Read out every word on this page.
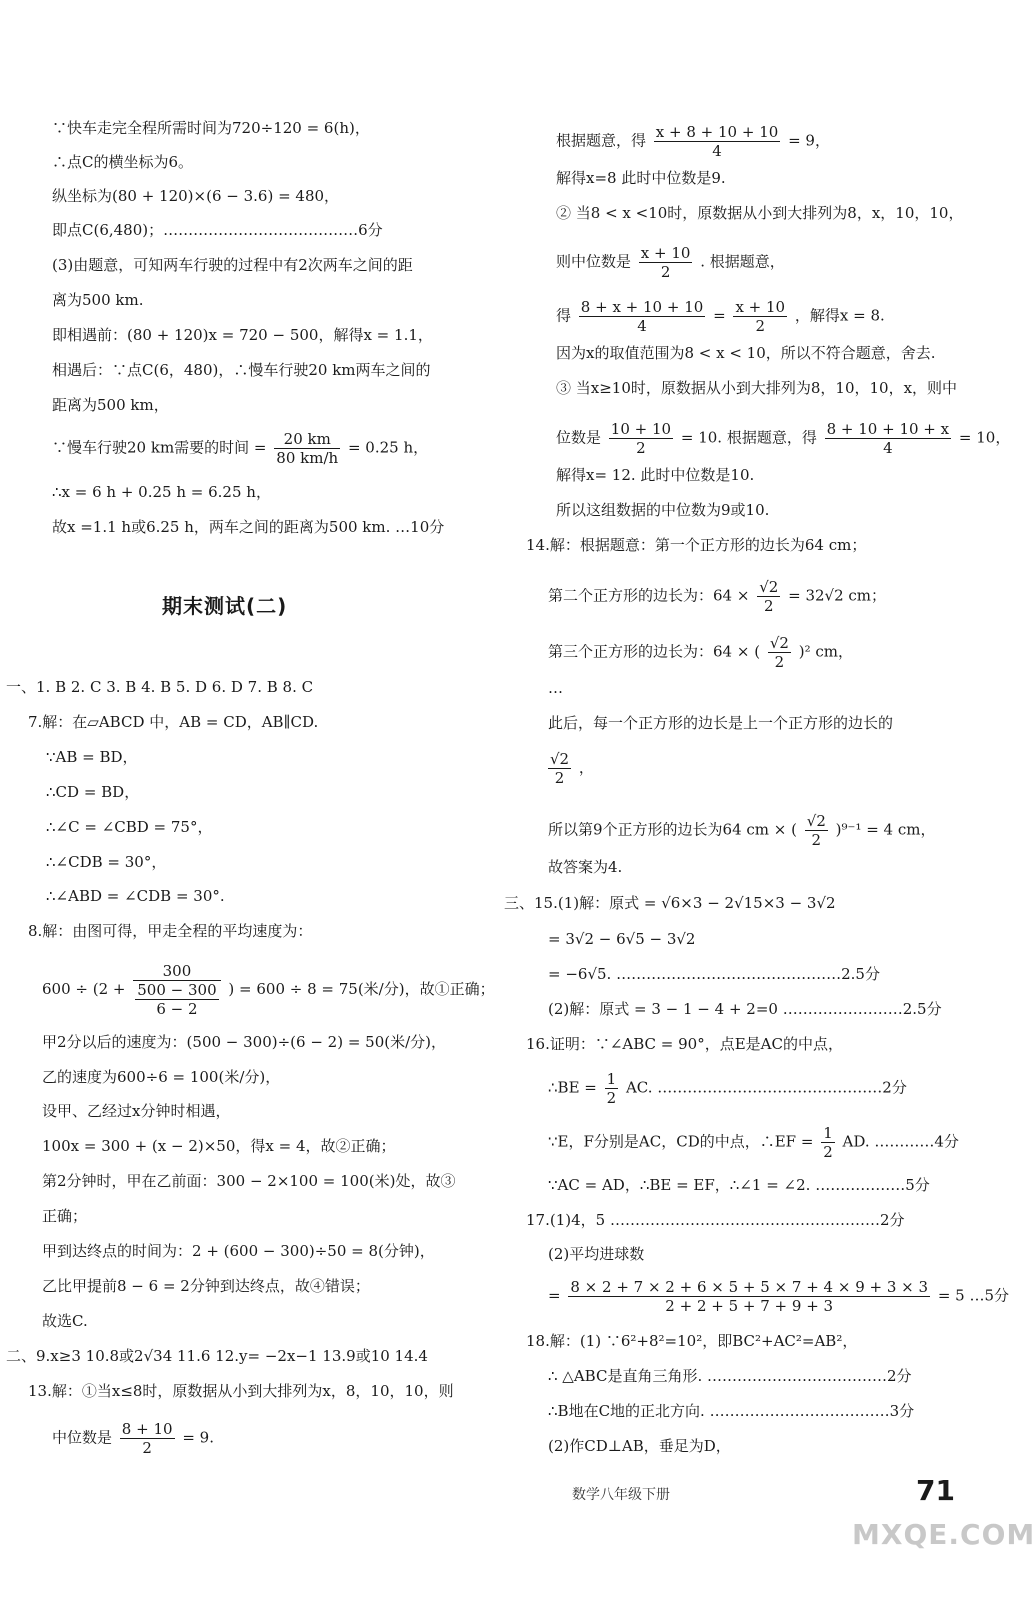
∵快车走完全程所需时间为720÷120 = 6(h)，
∴点C的横坐标为6。
纵坐标为(80 + 120)×(6 − 3.6) = 480，
即点C(6,480)；…………………………………6分
(3)由题意，可知两车行驶的过程中有2次两车之间的距
离为500 km.
即相遇前：(80 + 120)x = 720 − 500，解得x = 1.1，
相遇后：∵点C(6，480)，∴慢车行驶20 km两车之间的
距离为500 km，
∵慢车行驶20 km需要的时间 = $\frac{20 km}{80 km/h} = 0.25$ h，
∴x = 6 h + 0.25 h = 6.25 h，
故x =1.1 h或6.25 h，两车之间的距离为500 km. …10分
期末测试(二)
一、1. B 2. C 3. B 4. B 5. D 6. D 7. B 8. C
7.解：在▱ABCD 中，AB = CD，AB∥CD.
∵AB = BD，
∴CD = BD，
∴∠C = ∠CBD = 75°，
∴∠CDB = 30°，
∴∠ABD = ∠CDB = 30°.
8.解：由图可得，甲走全程的平均速度为：
$600 \div (2 + \frac{300}{\frac{500 - 300}{6 - 2}}$ ) = 600 ÷ 8 = 75(米/分)，故①正确；
甲2分以后的速度为：(500 − 300)÷(6 − 2) = 50(米/分)，
乙的速度为600÷6 = 100(米/分)，
设甲、乙经过x分钟时相遇，
100x = 300 + (x − 2)×50，得x = 4，故②正确；
第2分钟时，甲在乙前面：300 − 2×100 = 100(米)处，故③
正确；
甲到达终点的时间为：2 + (600 − 300)÷50 = 8(分钟)，
乙比甲提前8 − 6 = 2分钟到达终点，故④错误；
故选C.
二、9.x≥3 10.8或2√34 11.6 12.y= −2x−1 13.9或10 14.4
13.解：①当x≤8时，原数据从小到大排列为x，8，10，10，则
中位数是 $\frac{8 + 10}{2} = 9$.
根据题意，得 $\frac{x + 8 + 10 + 10}{4} = 9$，
解得x=8 此时中位数是9.
② 当8 < x <10时，原数据从小到大排列为8，x，10，10，
则中位数是 $\frac{x + 10}{2}$ . 根据题意，
得 $\frac{8 + x + 10 + 10}{4} = \frac{x + 10}{2}$ ，解得x = 8.
因为x的取值范围为8 < x < 10，所以不符合题意，舍去.
③ 当x≥10时，原数据从小到大排列为8，10，10，x，则中
位数是 $\frac{10 + 10}{2} = 10$. 根据题意，得 $\frac{8 + 10 + 10 + x}{4} = 10$，
解得x= 12. 此时中位数是10.
所以这组数据的中位数为9或10.
14.解：根据题意：第一个正方形的边长为64 cm；
第二个正方形的边长为：$64 \times \frac{√2}{2} = 32√2$ cm；
第三个正方形的边长为：64 × ( $\frac{√2}{2} )^2$ cm，
…
此后，每一个正方形的边长是上一个正方形的边长的
$\frac{√2}{2}$ ，
所以第9个正方形的边长为64 cm × ( $\frac{√2}{2} )^{9-1} = 4$ cm，
故答案为4.
三、15.(1)解：原式 = √6×3 − 2√15×3 − 3√2
= 3√2 − 6√5 − 3√2
= −6√5. ………………………………………2.5分
(2)解：原式 = 3 − 1 − 4 + 2=0 ……………………2.5分
16.证明：∵∠ABC = 90°，点E是AC的中点，
∴BE = $\frac{1}{2}$ AC. ………………………………………2分
∵E，F分别是AC，CD的中点，∴EF = $\frac{1}{2}$ AD. …………4分
∵AC = AD，∴BE = EF，∴∠1 = ∠2. ………………5分
17.(1)4，5 ………………………………………………2分
(2)平均进球数
= $\frac{8 \times 2 + 7 \times 2 + 6 \times 5 + 5 \times 7 + 4 \times 9 + 3 \times 3}{2 + 2 + 5 + 7 + 9 + 3} = 5$ …5分
18.解：(1) ∵6²+8²=10²，即BC²+AC²=AB²，
∴ △ABC是直角三角形. ………………………………2分
∴B地在C地的正北方向. ………………………………3分
(2)作CD⊥AB，垂足为D，
数学八年级下册	71
MXQE.COM
